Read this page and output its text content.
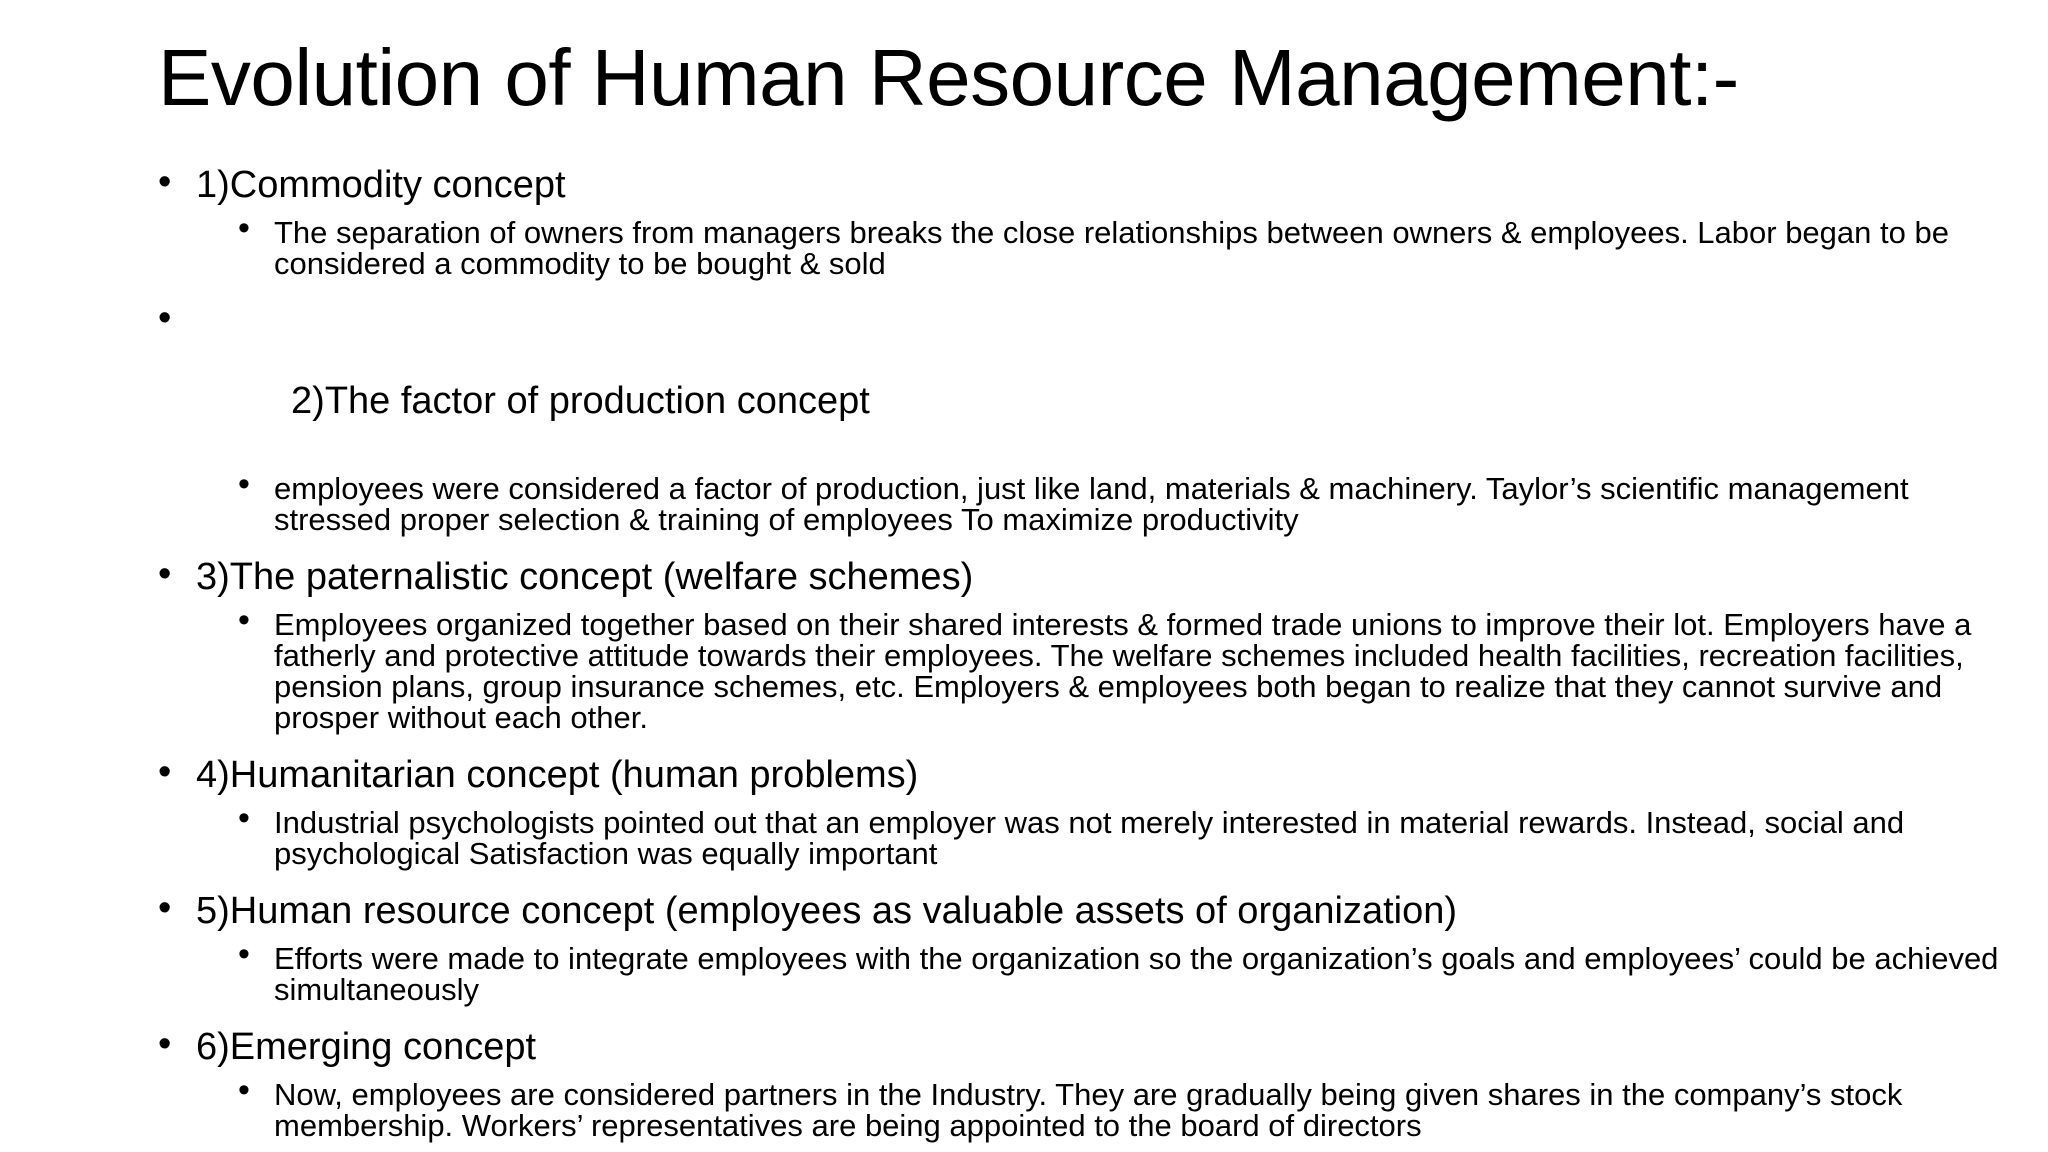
Evolution of Human Resource Management:-
• 1)Commodity concept
• The separation of owners from managers breaks the close relationships between owners & employees. Labor began to be considered a commodity to be bought & sold

•

2)The factor of production concept

• employees were considered a factor of production, just like land, materials & machinery. Taylor’s scientific management stressed proper selection & training of employees To maximize productivity
• 3)The paternalistic concept (welfare schemes)
• Employees organized together based on their shared interests & formed trade unions to improve their lot. Employers have a fatherly and protective attitude towards their employees. The welfare schemes included health facilities, recreation facilities, pension plans, group insurance schemes, etc. Employers & employees both began to realize that they cannot survive and prosper without each other.
• 4)Humanitarian concept (human problems)
• Industrial psychologists pointed out that an employer was not merely interested in material rewards. Instead, social and psychological Satisfaction was equally important
• 5)Human resource concept (employees as valuable assets of organization)
• Efforts were made to integrate employees with the organization so the organization’s goals and employees’ could be achieved simultaneously
• 6)Emerging concept
• Now, employees are considered partners in the Industry. They are gradually being given shares in the company’s stock membership. Workers’ representatives are being appointed to the board of directors
